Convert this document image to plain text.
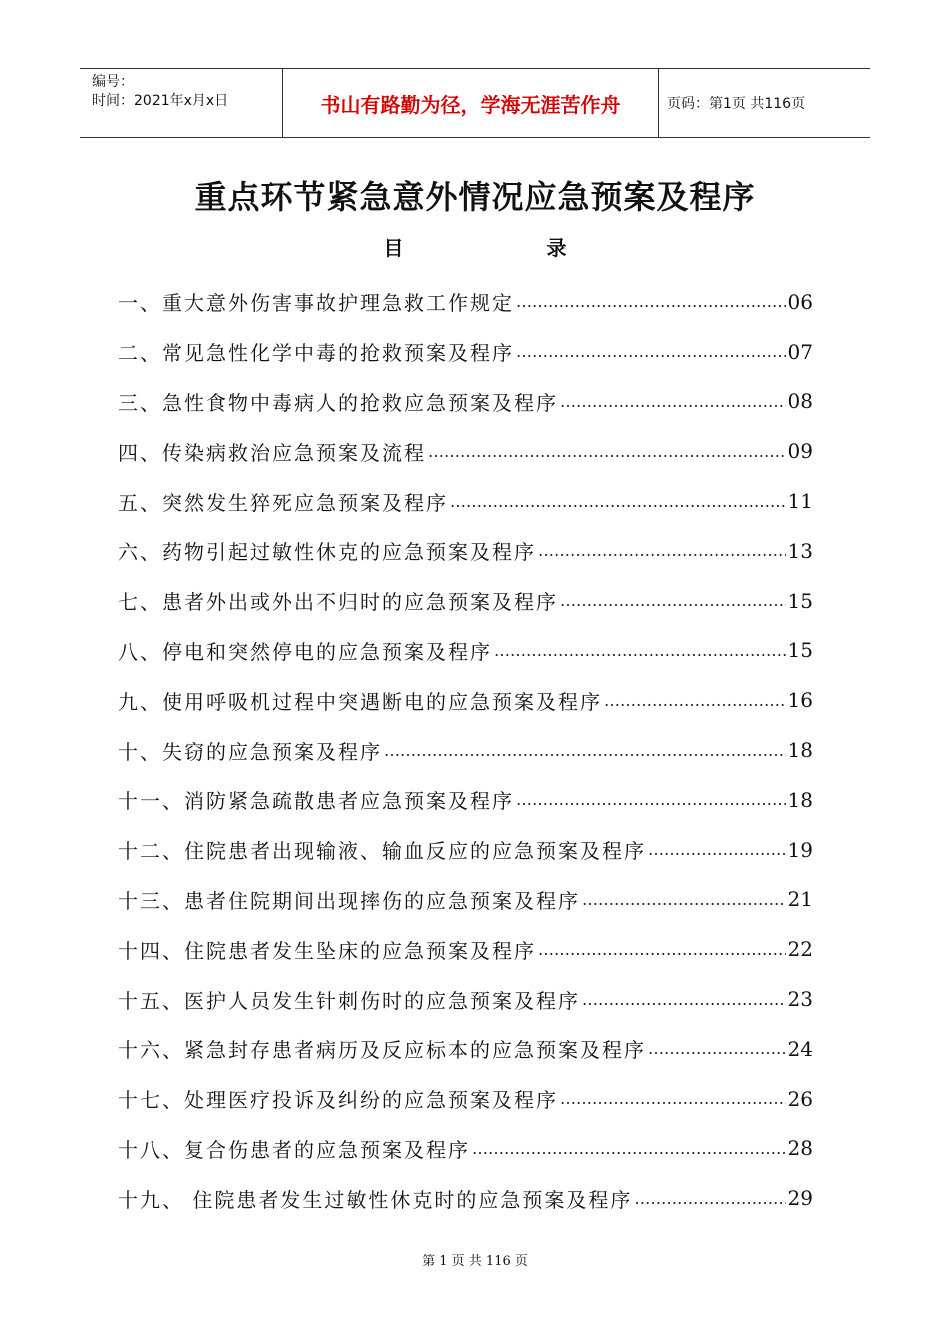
编号：
时间：2021年x月x日	书山有路勤为径，学海无涯苦作舟	页码：第1页 共116页
重点环节紧急意外情况应急预案及程序
目	录
一、重大意外伤害事故护理急救工作规定 …………………………………………………………………………………………………………………………………	06
二、常见急性化学中毒的抢救预案及程序 …………………………………………………………………………………………………………………………………	07
三、急性食物中毒病人的抢救应急预案及程序 …………………………………………………………………………………………………………………………………	08
四、传染病救治应急预案及流程 …………………………………………………………………………………………………………………………………	09
五、突然发生猝死应急预案及程序 …………………………………………………………………………………………………………………………………	11
六、药物引起过敏性休克的应急预案及程序 …………………………………………………………………………………………………………………………………	13
七、患者外出或外出不归时的应急预案及程序 …………………………………………………………………………………………………………………………………	15
八、停电和突然停电的应急预案及程序 …………………………………………………………………………………………………………………………………	15
九、使用呼吸机过程中突遇断电的应急预案及程序 …………………………………………………………………………………………………………………………………	16
十、失窃的应急预案及程序 …………………………………………………………………………………………………………………………………	18
十一、消防紧急疏散患者应急预案及程序 …………………………………………………………………………………………………………………………………	18
十二、住院患者出现输液、输血反应的应急预案及程序 …………………………………………………………………………………………………………………………………	19
十三、患者住院期间出现摔伤的应急预案及程序 …………………………………………………………………………………………………………………………………	21
十四、住院患者发生坠床的应急预案及程序 …………………………………………………………………………………………………………………………………	22
十五、医护人员发生针刺伤时的应急预案及程序 …………………………………………………………………………………………………………………………………	23
十六、紧急封存患者病历及反应标本的应急预案及程序 …………………………………………………………………………………………………………………………………	24
十七、处理医疗投诉及纠纷的应急预案及程序 …………………………………………………………………………………………………………………………………	26
十八、复合伤患者的应急预案及程序 …………………………………………………………………………………………………………………………………	28
十九、 住院患者发生过敏性休克时的应急预案及程序 …………………………………………………………………………………………………………………………………	29
第 1 页 共 116 页
